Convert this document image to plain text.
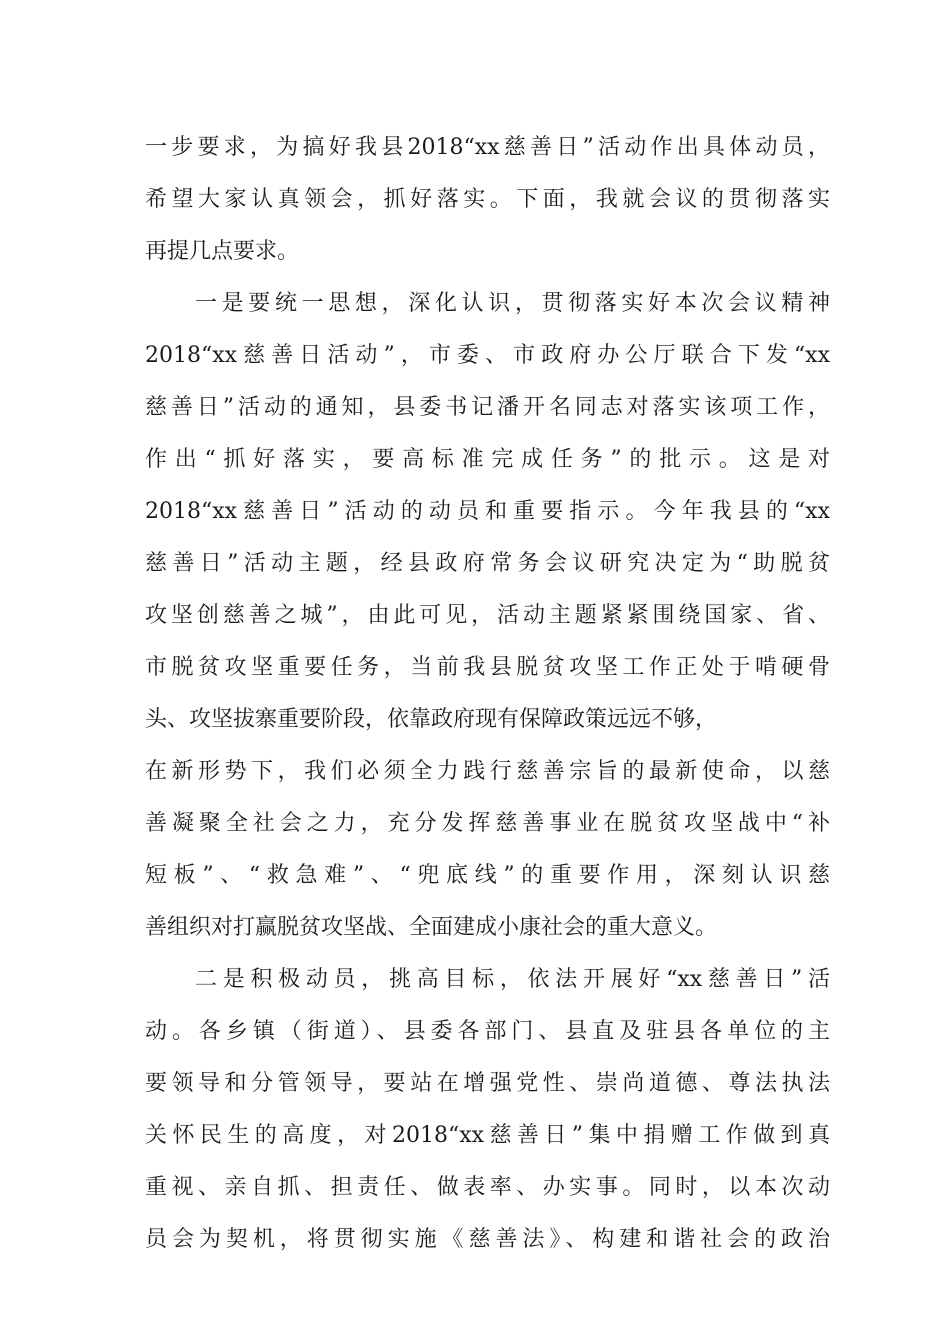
一步要求，为搞好我县2018“xx慈善日”活动作出具体动员，
希望大家认真领会，抓好落实。下面，我就会议的贯彻落实
再提几点要求。
一是要统一思想，深化认识，贯彻落实好本次会议精神
2018“xx慈善日活动”，市委、市政府办公厅联合下发“xx
慈善日”活动的通知，县委书记潘开名同志对落实该项工作，
作出“抓好落实，要高标准完成任务”的批示。这是对
2018“xx慈善日”活动的动员和重要指示。今年我县的“xx
慈善日”活动主题，经县政府常务会议研究决定为“助脱贫
攻坚创慈善之城”，由此可见，活动主题紧紧围绕国家、省、
市脱贫攻坚重要任务，当前我县脱贫攻坚工作正处于啃硬骨
头、攻坚拔寨重要阶段，依靠政府现有保障政策远远不够，
在新形势下，我们必须全力践行慈善宗旨的最新使命，以慈
善凝聚全社会之力，充分发挥慈善事业在脱贫攻坚战中“补
短板”、“救急难”、“兜底线”的重要作用，深刻认识慈
善组织对打赢脱贫攻坚战、全面建成小康社会的重大意义。
二是积极动员，挑高目标，依法开展好“xx慈善日”活
动。各乡镇（街道）、县委各部门、县直及驻县各单位的主
要领导和分管领导，要站在增强党性、崇尚道德、尊法执法
关怀民生的高度，对2018“xx慈善日”集中捐赠工作做到真
重视、亲自抓、担责任、做表率、办实事。同时，以本次动
员会为契机，将贯彻实施《慈善法》、构建和谐社会的政治
